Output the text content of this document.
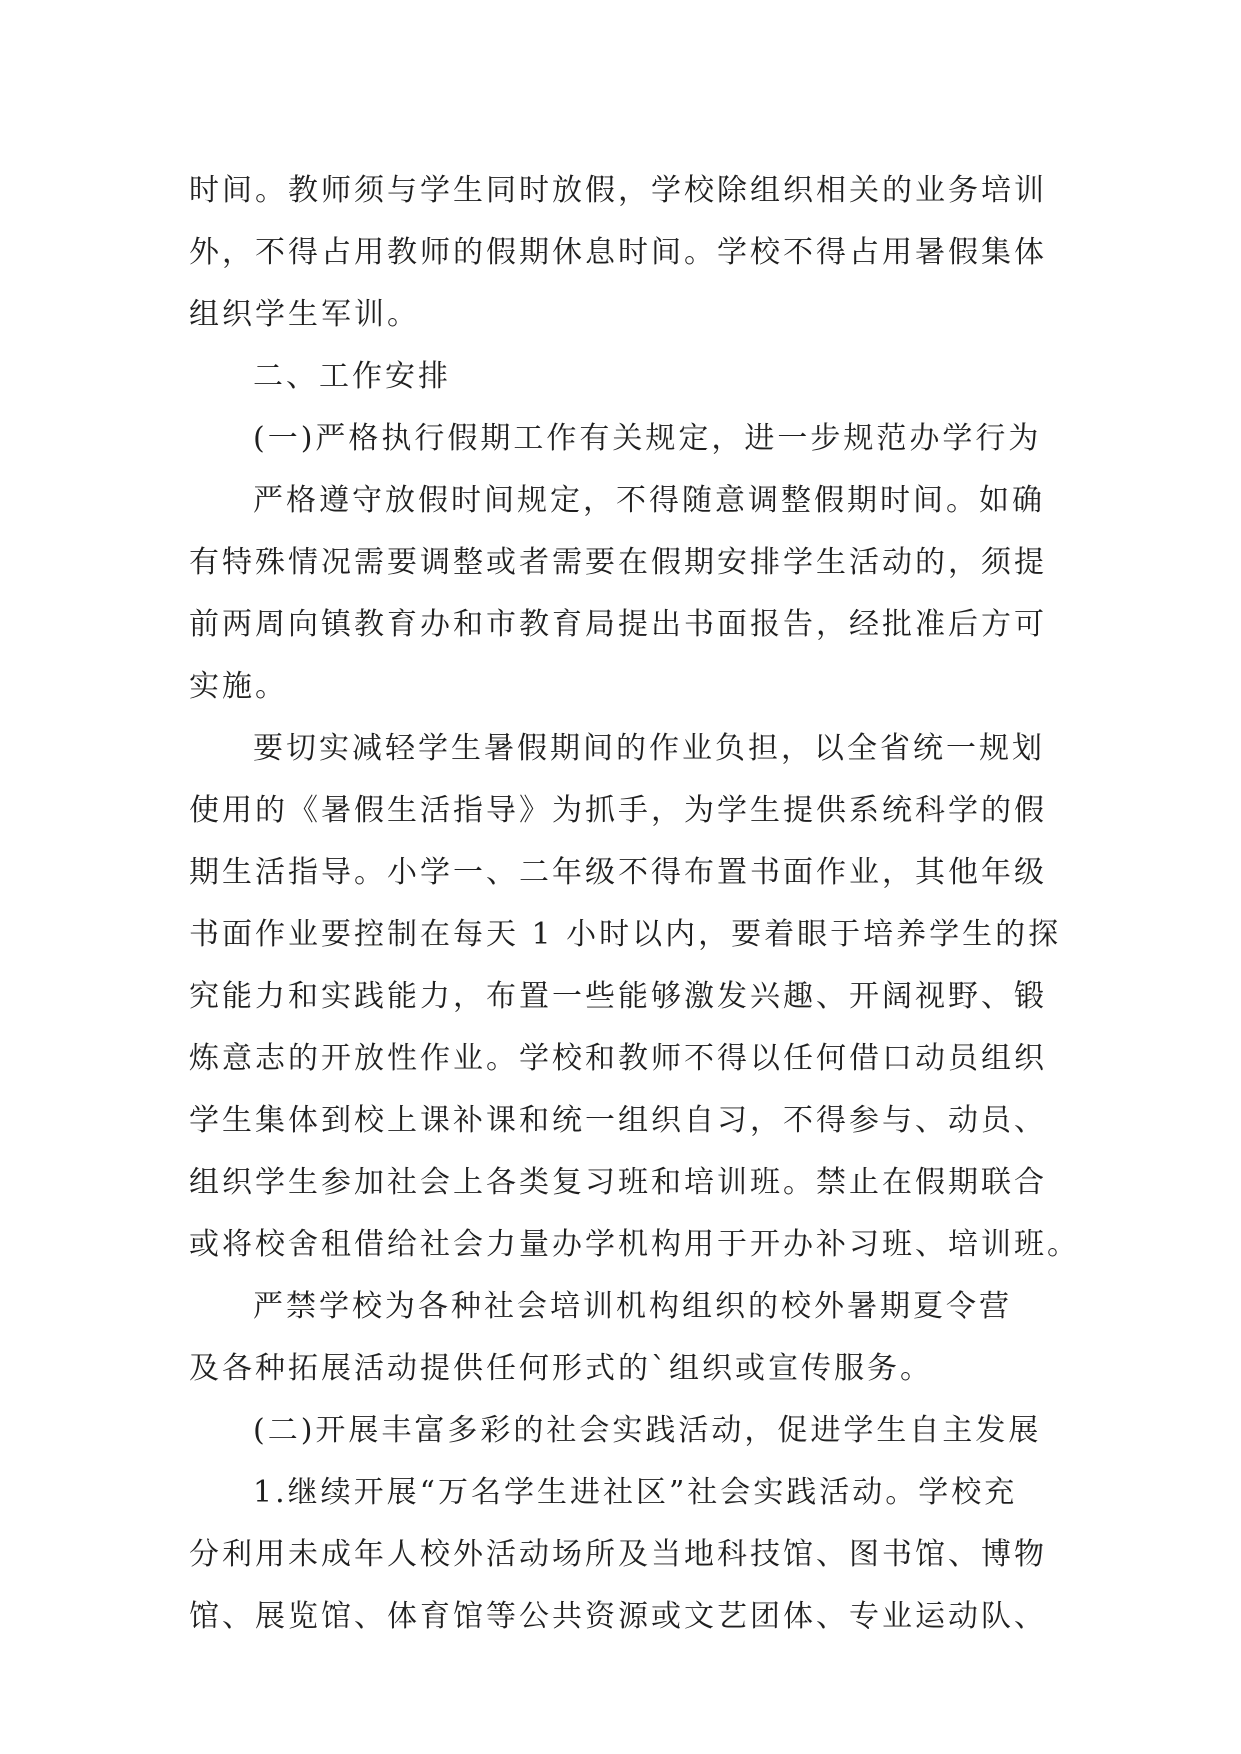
时间。教师须与学生同时放假，学校除组织相关的业务培训
外，不得占用教师的假期休息时间。学校不得占用暑假集体
组织学生军训。
二、工作安排
(一)严格执行假期工作有关规定，进一步规范办学行为
严格遵守放假时间规定，不得随意调整假期时间。如确
有特殊情况需要调整或者需要在假期安排学生活动的，须提
前两周向镇教育办和市教育局提出书面报告，经批准后方可
实施。
要切实减轻学生暑假期间的作业负担，以全省统一规划
使用的《暑假生活指导》为抓手，为学生提供系统科学的假
期生活指导。小学一、二年级不得布置书面作业，其他年级
书面作业要控制在每天 1 小时以内，要着眼于培养学生的探
究能力和实践能力，布置一些能够激发兴趣、开阔视野、锻
炼意志的开放性作业。学校和教师不得以任何借口动员组织
学生集体到校上课补课和统一组织自习，不得参与、动员、
组织学生参加社会上各类复习班和培训班。禁止在假期联合
或将校舍租借给社会力量办学机构用于开办补习班、培训班。
严禁学校为各种社会培训机构组织的校外暑期夏令营
及各种拓展活动提供任何形式的`组织或宣传服务。
(二)开展丰富多彩的社会实践活动，促进学生自主发展
1.继续开展“万名学生进社区”社会实践活动。学校充
分利用未成年人校外活动场所及当地科技馆、图书馆、博物
馆、展览馆、体育馆等公共资源或文艺团体、专业运动队、
